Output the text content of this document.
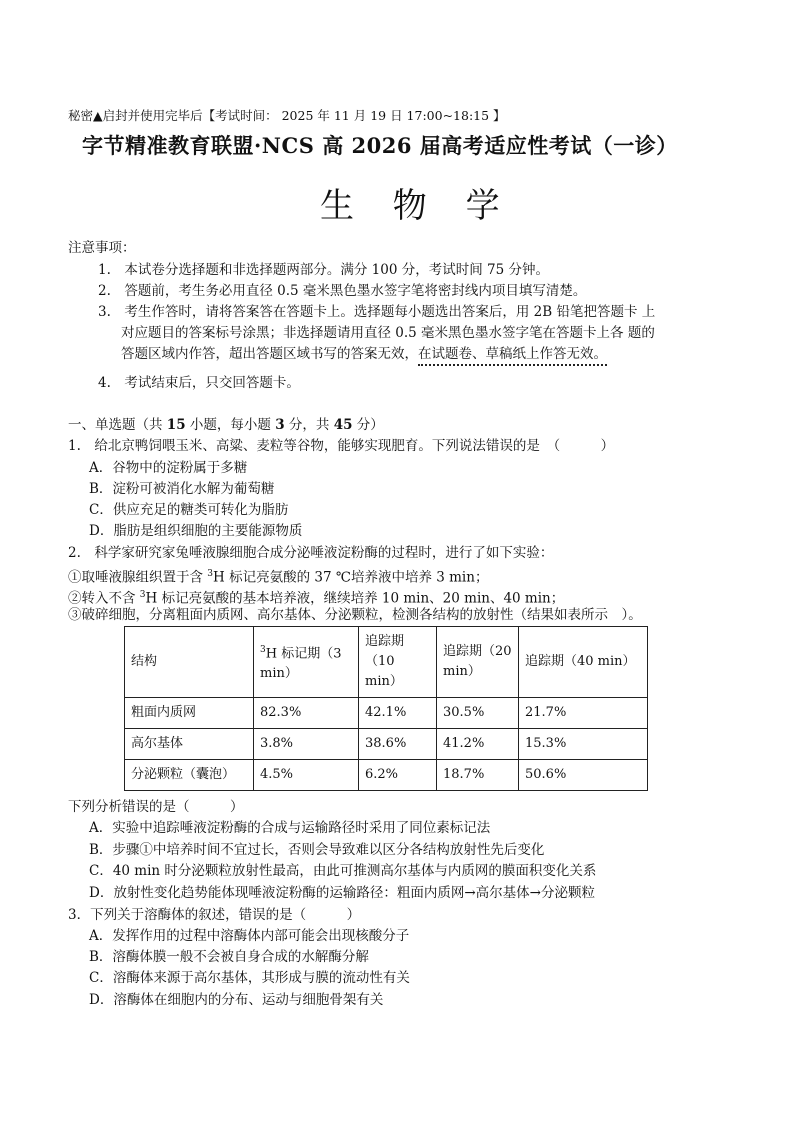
秘密▲启封并使用完毕后【考试时间： 2025 年 11 月 19 日 17:00~18:15 】
字节精准教育联盟·NCS 高 2026 届高考适应性考试（一诊）
生 物 学
注意事项：
1.　本试卷分选择题和非选择题两部分。满分 100 分，考试时间 75 分钟。
2.　答题前，考生务必用直径 0.5 毫米黑色墨水签字笔将密封线内项目填写清楚。
3.　考生作答时，请将答案答在答题卡上。选择题每小题选出答案后，用 2B 铅笔把答题卡 上
对应题目的答案标号涂黑；非选择题请用直径 0.5 毫米黑色墨水签字笔在答题卡上各 题的
答题区域内作答，超出答题区域书写的答案无效，在试题卷、草稿纸上作答无效。
4.　考试结束后，只交回答题卡。
一、单选题（共 15 小题，每小题 3 分，共 45 分）
1.　给北京鸭饲喂玉米、高粱、麦粒等谷物，能够实现肥育。下列说法错误的是　（　　　）
A．谷物中的淀粉属于多糖
B．淀粉可被消化水解为葡萄糖
C．供应充足的糖类可转化为脂肪
D．脂肪是组织细胞的主要能源物质
2.　科学家研究家兔唾液腺细胞合成分泌唾液淀粉酶的过程时，进行了如下实验：
①取唾液腺组织置于含 $^3$H 标记亮氨酸的 37 ℃培养液中培养 3 min；
②转入不含 $^3$H 标记亮氨酸的基本培养液，继续培养 10 min、20 min、40 min；
③破碎细胞，分离粗面内质网、高尔基体、分泌颗粒，检测各结构的放射性（结果如表所示　）。
结构	$^3$H 标记期（3 min）	追踪期（10 min）	追踪期（20 min）	追踪期（40 min）
粗面内质网	82.3%	42.1%	30.5%	21.7%
高尔基体	3.8%	38.6%	41.2%	15.3%
分泌颗粒（囊泡）	4.5%	6.2%	18.7%	50.6%
下列分析错误的是（　　　）
A．实验中追踪唾液淀粉酶的合成与运输路径时采用了同位素标记法
B．步骤①中培养时间不宜过长，否则会导致难以区分各结构放射性先后变化
C．40 min 时分泌颗粒放射性最高，由此可推测高尔基体与内质网的膜面积变化关系
D．放射性变化趋势能体现唾液淀粉酶的运输路径：粗面内质网→高尔基体→分泌颗粒
3．下列关于溶酶体的叙述，错误的是（　　　）
A．发挥作用的过程中溶酶体内部可能会出现核酸分子
B．溶酶体膜一般不会被自身合成的水解酶分解
C．溶酶体来源于高尔基体，其形成与膜的流动性有关
D．溶酶体在细胞内的分布、运动与细胞骨架有关
